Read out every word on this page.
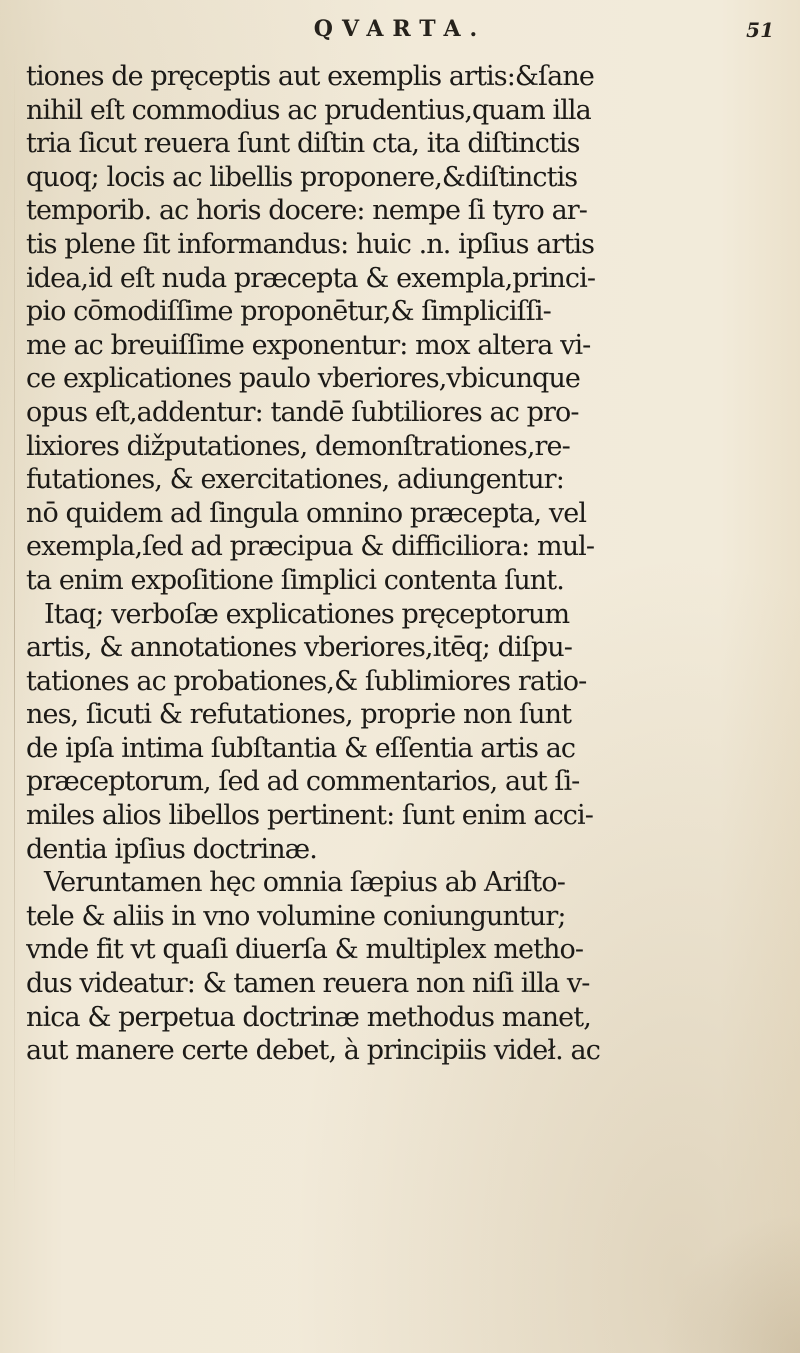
QVARTA.	51
tiones de pręceptis aut exemplis artis:&ſane
nihil eſt commodius ac prudentius,quam illa
tria ſicut reuera ſunt diſtin cta, ita diſtinctis
quoq; locis ac libellis proponere,&diſtinctis
temporib. ac horis docere: nempe ſi tyro ar-
tis plene ſit informandus: huic .n. ipſius artis
idea,id eſt nuda præcepta & exempla,princi-
pio cōmodiſſime proponētur,& ſimpliciſſi-
me ac breuiſſime exponentur: mox altera vi-
ce explicationes paulo vberiores,vbicunque
opus eſt,addentur: tandē ſubtiliores ac pro-
lixiores dižputationes, demonſtrationes,re-
futationes, & exercitationes, adiungentur:
nō quidem ad ſingula omnino præcepta, vel
exempla,ſed ad præcipua & difficiliora: mul-
ta enim expoſitione ſimplici contenta ſunt.
Itaq; verboſæ explicationes pręceptorum
artis, & annotationes vberiores,itēq; diſpu-
tationes ac probationes,& ſublimiores ratio-
nes, ſicuti & refutationes, proprie non ſunt
de ipſa intima ſubſtantia & eſſentia artis ac
præceptorum, ſed ad commentarios, aut ſi-
miles alios libellos pertinent: ſunt enim acci-
dentia ipſius doctrinæ.
Veruntamen hęc omnia ſæpius ab Ariſto-
tele & aliis in vno volumine coniunguntur;
vnde fit vt quaſi diuerſa & multiplex metho-
dus videatur: & tamen reuera non niſi illa v-
nica & perpetua doctrinæ methodus manet,
aut manere certe debet, à principiis videł. ac
